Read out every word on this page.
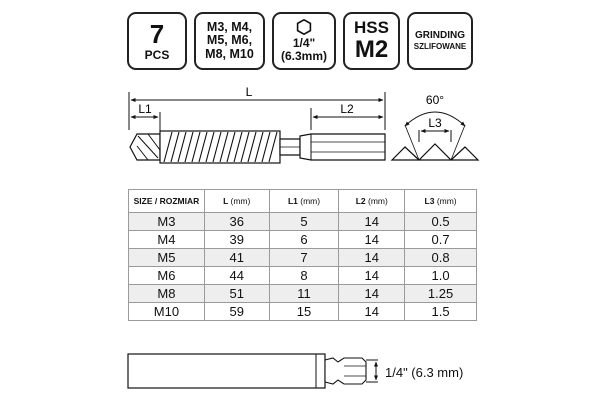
7
PCS
M3, M4,
M5, M6,
M8, M10
1/4"
(6.3mm)
HSS
M2
GRINDING
SZLIFOWANE
L
L1	L2
60°
L3
SIZE / ROZMIAR	L (mm)	L1 (mm)	L2 (mm)	L3 (mm)
M3	36	5	14	0.5
M4	39	6	14	0.7
M5	41	7	14	0.8
M6	44	8	14	1.0
M8	51	11	14	1.25
M10	59	15	14	1.5
1/4" (6.3 mm)
